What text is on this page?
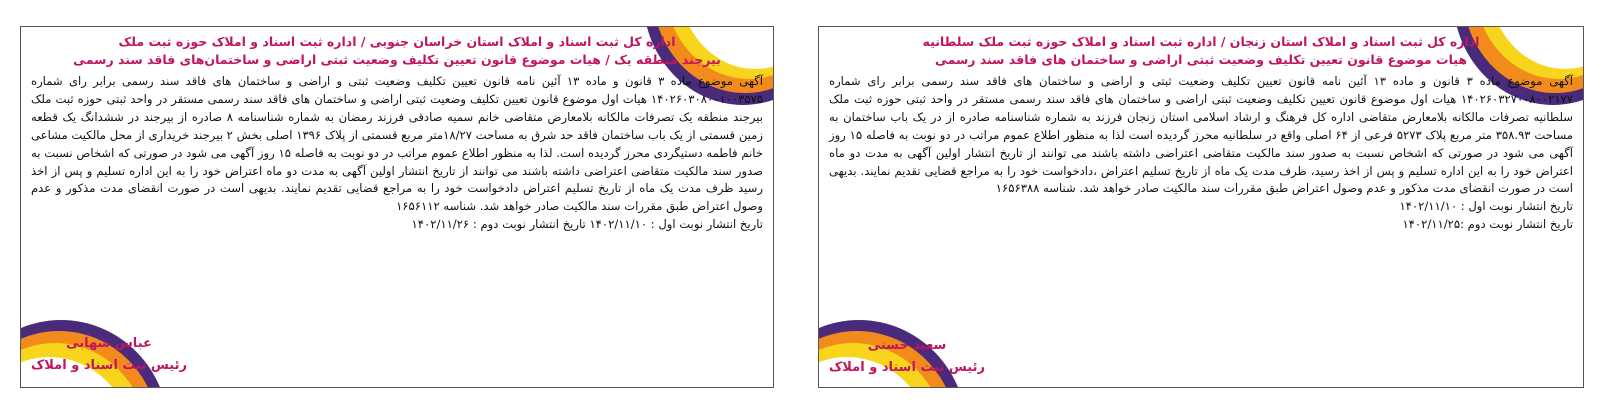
اداره کل ثبت اسناد و املاک استان خراسان جنوبی / اداره ثبت اسناد و املاک حوزه ثبت ملک
بیرجند منطقه یک / هیات موضوع قانون تعیین تکلیف وضعیت ثبتی اراضی و ساختمان‌های فاقد سند رسمی
آگهی موضوع ماده ۳ قانون و ماده ۱۳ آئین نامه قانون تعیین تکلیف وضعیت ثبتی و اراضی و ساختمان های فاقد سند رسمی برابر رای شماره ۱۴۰۲۶۰۳۰۸۰۰۱۰۰۳۵۷۵ هیات اول موضوع قانون تعیین تکلیف وضعیت ثبتی اراضی و ساختمان های فاقد سند رسمی مستقر در واحد ثبتی حوزه ثبت ملک بیرجند منطقه یک تصرفات مالکانه بلامعارض متقاضی خانم سمیه صادقی فرزند رمضان به شماره شناسنامه ۸ صادره از بیرجند در ششدانگ یک قطعه زمین قسمتی از یک باب ساختمان فاقد حد شرق به مساحت ۱۸/۲۷متر مربع قسمتی از پلاک ۱۳۹۶ اصلی بخش ۲ بیرجند خریداری از محل مالکیت مشاعی خانم فاطمه دستیگردی محرز گردیده است. لذا به منظور اطلاع عموم مراتب در دو نوبت به فاصله ۱۵ روز آگهی می شود در صورتی که اشخاص نسبت به صدور سند مالکیت متقاضی اعتراضی داشته باشند می توانند از تاریخ انتشار اولین آگهی به مدت دو ماه اعتراض خود را به این اداره تسلیم و پس از اخذ رسید ظرف مدت یک ماه از تاریخ تسلیم اعتراض دادخواست خود را به مراجع قضایی تقدیم نمایند. بدیهی است در صورت انقضای مدت مذکور و عدم وصول اعتراض طبق مقررات سند مالکیت صادر خواهد شد. شناسه ۱۶۵۶۱۱۲
تاریخ انتشار نوبت اول : ۱۴۰۲/۱۱/۱۰ تاریخ انتشار نوبت دوم : ۱۴۰۲/۱۱/۲۶
عباس شهابی
رئیس ثبت اسناد و املاک
اداره کل ثبت اسناد و املاک استان زنجان / اداره ثبت اسناد و املاک حوزه ثبت ملک سلطانیه
هیات موضوع قانون تعیین تکلیف وضعیت ثبتی اراضی و ساختمان های فاقد سند رسمی
آگهی موضوع ماده ۳ قانون و ماده ۱۳ آئین نامه قانون تعیین تکلیف وضعیت ثبتی و اراضی و ساختمان های فاقد سند رسمی برابر رای شماره ۱۴۰۲۶۰۳۲۷۰۰۸۰۰۲۱۷۷ هیات اول موضوع قانون تعیین تکلیف وضعیت ثبتی اراضی و ساختمان های فاقد سند رسمی مستقر در واحد ثبتی حوزه ثبت ملک سلطانیه تصرفات مالکانه بلامعارض متقاضی اداره کل فرهنگ و ارشاد اسلامی استان زنجان فرزند به شماره شناسنامه صادره از در یک باب ساختمان به مساحت ۳۵۸.۹۳ متر مربع پلاک ۵۲۷۳ فرعی از ۶۴ اصلی واقع در سلطانیه محرز گردیده است لذا به منظور اطلاع عموم مراتب در دو نوبت به فاصله ۱۵ روز آگهی می شود در صورتی که اشخاص نسبت به صدور سند مالکیت متقاضی اعتراضی داشته باشند می توانند از تاریخ انتشار اولین آگهی به مدت دو ماه اعتراض خود را به این اداره تسلیم و پس از اخذ رسید، ظرف مدت یک ماه از تاریخ تسلیم اعتراض ،دادخواست خود را به مراجع قضایی تقدیم نمایند. بدیهی است در صورت انقضای مدت مذکور و عدم وصول اعتراض طبق مقررات سند مالکیت صادر خواهد شد. شناسه ۱۶۵۶۳۸۸
تاریخ انتشار نوبت اول : ۱۴۰۲/۱۱/۱۰
تاریخ انتشار نوبت دوم :۱۴۰۲/۱۱/۲۵
سعید حسنی
رئیس ثبت اسناد و املاک
